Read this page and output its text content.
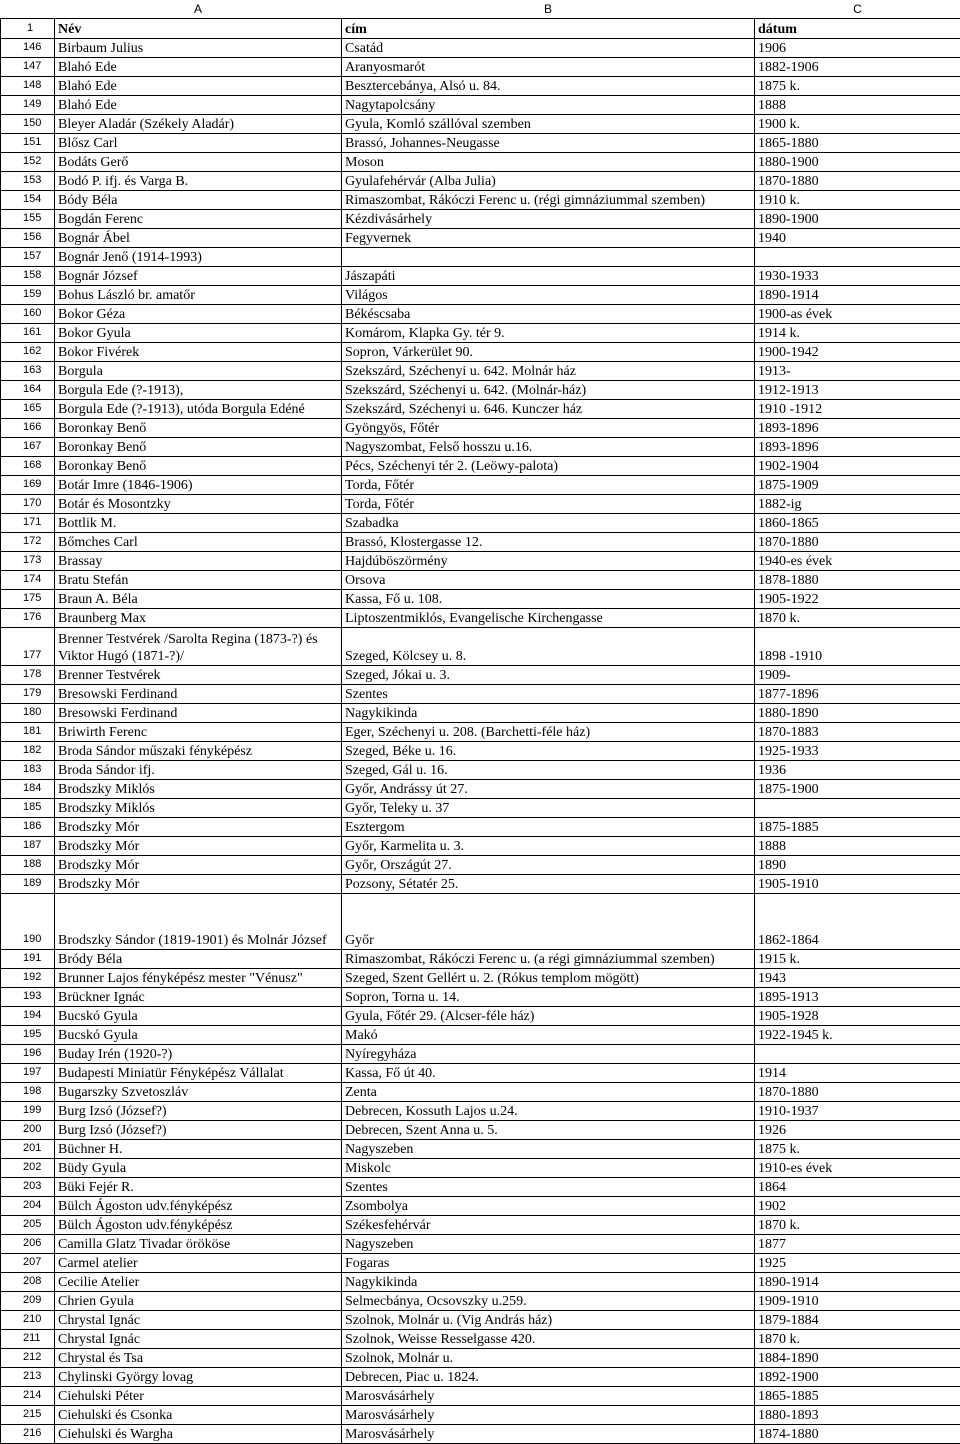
	A	B	C
1	Név	cím	dátum
146	Birbaum Julius	Csatád	1906
147	Blahó Ede	Aranyosmarót	1882-1906
148	Blahó Ede	Besztercebánya, Alsó u. 84.	1875 k.
149	Blahó Ede	Nagytapolcsány	1888
150	Bleyer Aladár (Székely Aladár)	Gyula, Komló szállóval szemben	1900 k.
151	Blősz Carl	Brassó, Johannes-Neugasse	1865-1880
152	Bodáts Gerő	Moson	1880-1900
153	Bodó P. ifj. és Varga B.	Gyulafehérvár (Alba Julia)	1870-1880
154	Bódy Béla	Rimaszombat, Rákóczi Ferenc u. (régi gimnáziummal szemben)	1910 k.
155	Bogdán Ferenc	Kézdivásárhely	1890-1900
156	Bognár Ábel	Fegyvernek	1940
157	Bognár Jenő (1914-1993)		
158	Bognár József	Jászapáti	1930-1933
159	Bohus László br. amatőr	Világos	1890-1914
160	Bokor Géza	Békéscsaba	1900-as évek
161	Bokor Gyula	Komárom, Klapka Gy. tér 9.	1914 k.
162	Bokor Fivérek	Sopron, Várkerület 90.	1900-1942
163	Borgula	Szekszárd, Széchenyi u. 642. Molnár ház	1913-
164	Borgula Ede (?-1913),	Szekszárd, Széchenyi u. 642. (Molnár-ház)	1912-1913
165	Borgula Ede (?-1913), utóda Borgula Edéné	Szekszárd, Széchenyi u. 646. Kunczer ház	1910 -1912
166	Boronkay Benő	Gyöngyös, Főtér	1893-1896
167	Boronkay Benő	Nagyszombat, Felső hosszu u.16.	1893-1896
168	Boronkay Benő	Pécs, Széchenyi tér 2. (Leöwy-palota)	1902-1904
169	Botár Imre (1846-1906)	Torda, Főtér	1875-1909
170	Botár és Mosontzky	Torda, Főtér	1882-ig
171	Bottlik M.	Szabadka	1860-1865
172	Bőmches Carl	Brassó, Klostergasse 12.	1870-1880
173	Brassay	Hajdúböszörmény	1940-es évek
174	Bratu Stefán	Orsova	1878-1880
175	Braun A. Béla	Kassa, Fő u. 108.	1905-1922
176	Braunberg Max	Liptoszentmiklós, Evangelische Kirchengasse	1870 k.
177	Brenner Testvérek /Sarolta Regina (1873-?) és Viktor Hugó (1871-?)/	Szeged, Kölcsey u. 8.	1898 -1910
178	Brenner Testvérek	Szeged, Jókai u. 3.	1909-
179	Bresowski Ferdinand	Szentes	1877-1896
180	Bresowski Ferdinand	Nagykikinda	1880-1890
181	Briwirth Ferenc	Eger, Széchenyi u. 208. (Barchetti-féle ház)	1870-1883
182	Broda Sándor műszaki fényképész	Szeged, Béke u. 16.	1925-1933
183	Broda Sándor ifj.	Szeged, Gál u. 16.	1936
184	Brodszky Miklós	Győr, Andrássy út 27.	1875-1900
185	Brodszky Miklós	Győr, Teleky u. 37	
186	Brodszky Mór	Esztergom	1875-1885
187	Brodszky Mór	Győr, Karmelita u. 3.	1888
188	Brodszky Mór	Győr, Országút 27.	1890
189	Brodszky Mór	Pozsony, Sétatér 25.	1905-1910
190	Brodszky Sándor (1819-1901) és Molnár József	Győr	1862-1864
191	Bródy Béla	Rimaszombat, Rákóczi Ferenc u. (a régi gimnáziummal szemben)	1915 k.
192	Brunner Lajos fényképész mester "Vénusz"	Szeged, Szent Gellért u. 2. (Rókus templom mögött)	1943
193	Brückner Ignác	Sopron, Torna u. 14.	1895-1913
194	Bucskó Gyula	Gyula, Főtér 29. (Alcser-féle ház)	1905-1928
195	Bucskó Gyula	Makó	1922-1945 k.
196	Buday Irén (1920-?)	Nyíregyháza	
197	Budapesti Miniatür Fényképész Vállalat	Kassa, Fő út 40.	1914
198	Bugarszky Szvetoszláv	Zenta	1870-1880
199	Burg Izsó (József?)	Debrecen, Kossuth Lajos u.24.	1910-1937
200	Burg Izsó (József?)	Debrecen, Szent Anna u. 5.	1926
201	Büchner H.	Nagyszeben	1875 k.
202	Büdy Gyula	Miskolc	1910-es évek
203	Büki Fejér R.	Szentes	1864
204	Bülch Ágoston udv.fényképész	Zsombolya	1902
205	Bülch Ágoston udv.fényképész	Székesfehérvár	1870 k.
206	Camilla Glatz Tivadar örököse	Nagyszeben	1877
207	Carmel atelier	Fogaras	1925
208	Cecilie Atelier	Nagykikinda	1890-1914
209	Chrien Gyula	Selmecbánya, Ocsovszky u.259.	1909-1910
210	Chrystal Ignác	Szolnok, Molnár u. (Vig András ház)	1879-1884
211	Chrystal Ignác	Szolnok, Weisse Resselgasse 420.	1870 k.
212	Chrystal és Tsa	Szolnok, Molnár u.	1884-1890
213	Chylinski György lovag	Debrecen, Piac u. 1824.	1892-1900
214	Ciehulski Péter	Marosvásárhely	1865-1885
215	Ciehulski és Csonka	Marosvásárhely	1880-1893
216	Ciehulski és Wargha	Marosvásárhely	1874-1880
